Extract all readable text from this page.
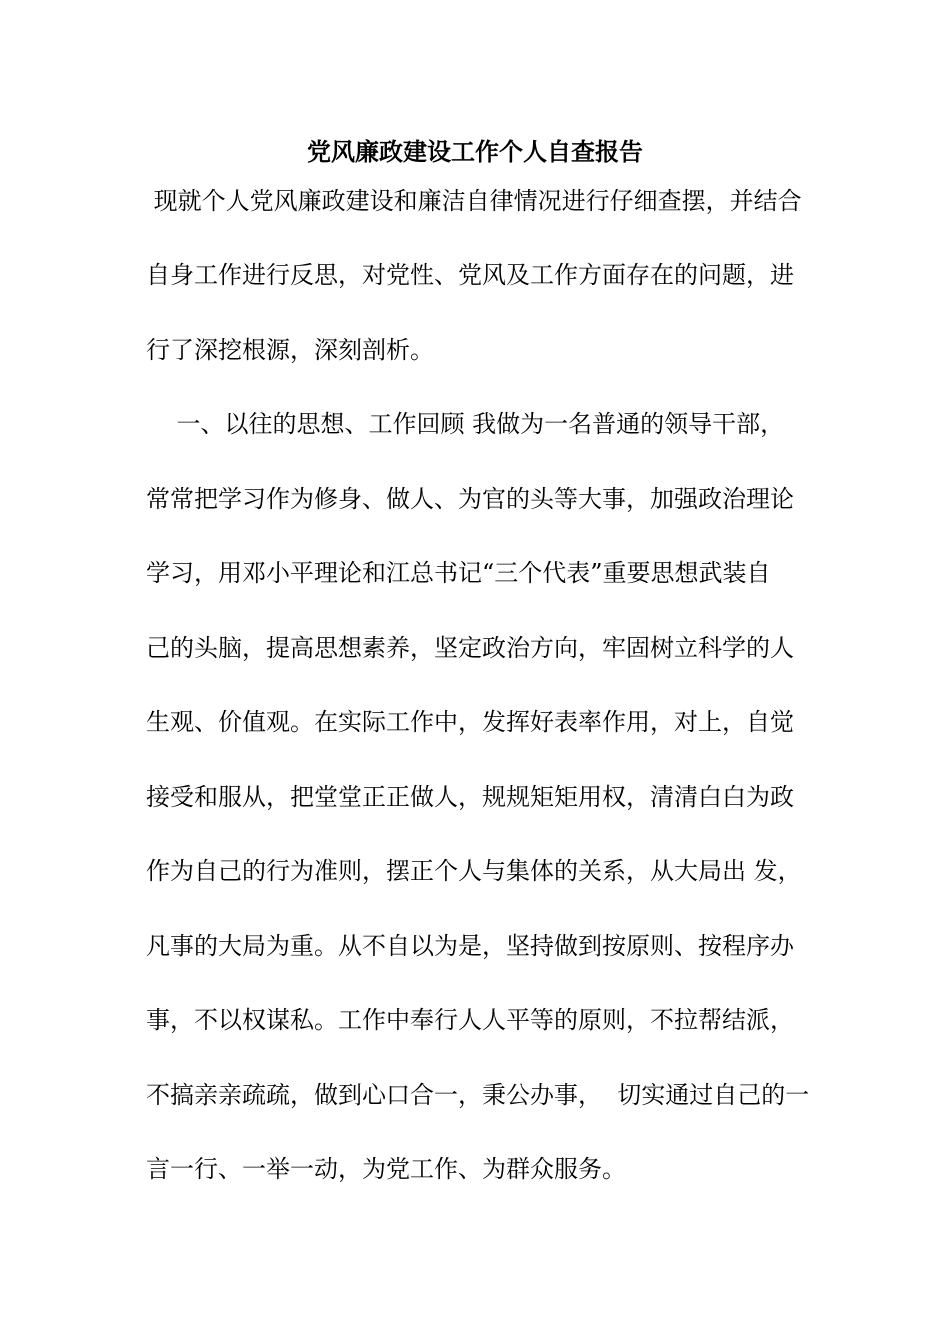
党风廉政建设工作个人自查报告
现就个人党风廉政建设和廉洁自律情况进行仔细查摆，并结合
自身工作进行反思，对党性、党风及工作方面存在的问题，进
行了深挖根源，深刻剖析。
一、以往的思想、工作回顾 我做为一名普通的领导干部，
常常把学习作为修身、做人、为官的头等大事，加强政治理论
学习，用邓小平理论和江总书记“三个代表”重要思想武装自
己的头脑，提高思想素养，坚定政治方向，牢固树立科学的人
生观、价值观。在实际工作中，发挥好表率作用，对上，自觉
接受和服从，把堂堂正正做人，规规矩矩用权，清清白白为政
作为自己的行为准则，摆正个人与集体的关系，从大局出 发，
凡事的大局为重。从不自以为是，坚持做到按原则、按程序办
事，不以权谋私。工作中奉行人人平等的原则，不拉帮结派，
不搞亲亲疏疏，做到心口合一，秉公办事，  切实通过自己的一
言一行、一举一动，为党工作、为群众服务。
